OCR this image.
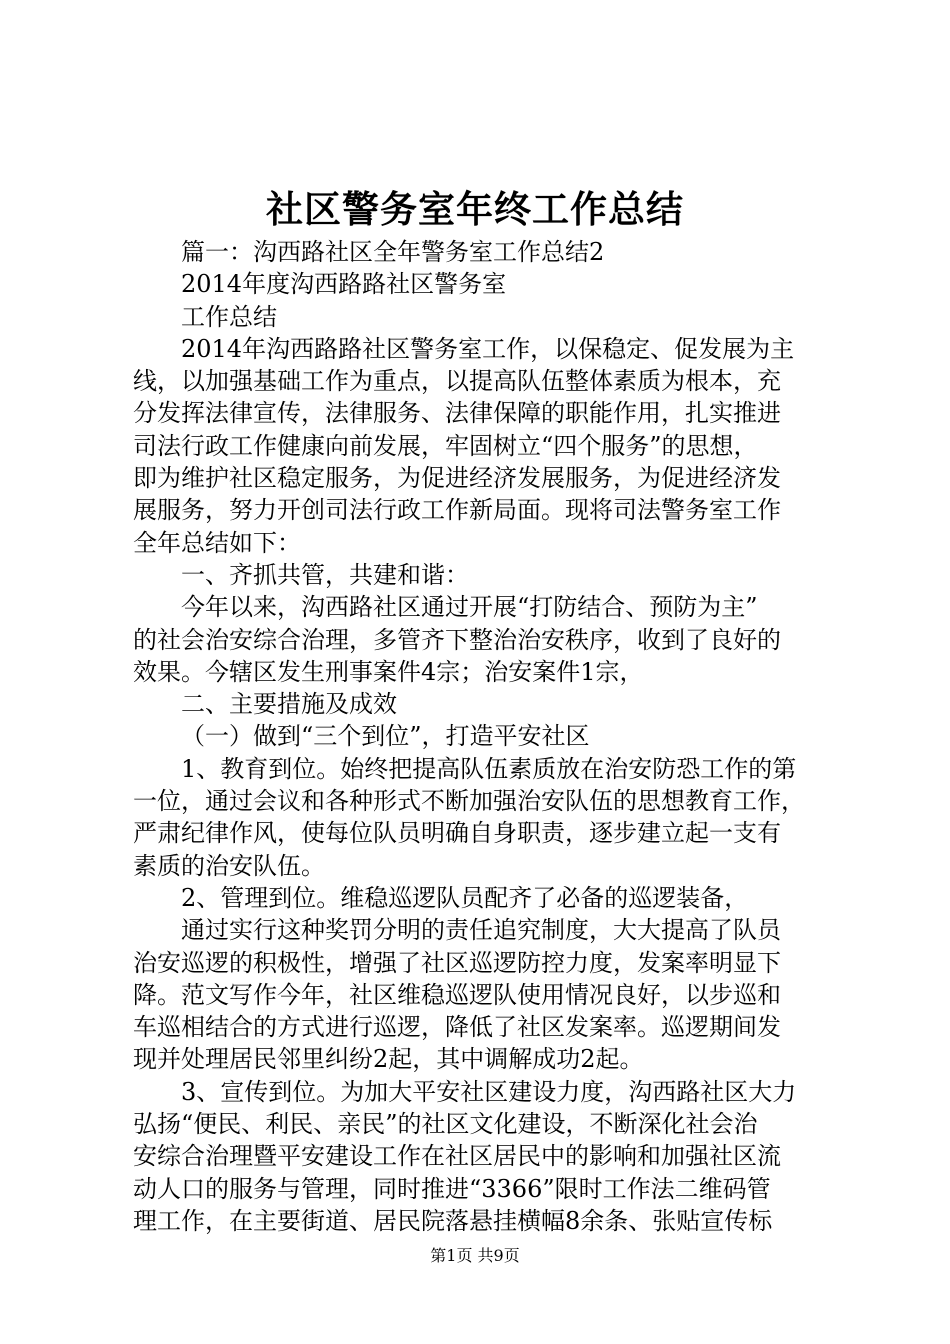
社区警务室年终工作总结

篇一：沟西路社区全年警务室工作总结2

2014年度沟西路路社区警务室

工作总结

2014年沟西路路社区警务室工作，以保稳定、促发展为主

线，以加强基础工作为重点，以提高队伍整体素质为根本，充

分发挥法律宣传，法律服务、法律保障的职能作用，扎实推进

司法行政工作健康向前发展，牢固树立“四个服务”的思想，

即为维护社区稳定服务，为促进经济发展服务，为促进经济发

展服务，努力开创司法行政工作新局面。现将司法警务室工作

全年总结如下：

一、齐抓共管，共建和谐：

今年以来，沟西路社区通过开展“打防结合、预防为主”

的社会治安综合治理，多管齐下整治治安秩序，收到了良好的

效果。今辖区发生刑事案件4宗；治安案件1宗，

二、主要措施及成效

（一）做到“三个到位”，打造平安社区

1、教育到位。始终把提高队伍素质放在治安防恐工作的第

一位，通过会议和各种形式不断加强治安队伍的思想教育工作，

严肃纪律作风，使每位队员明确自身职责，逐步建立起一支有

素质的治安队伍。

2、管理到位。维稳巡逻队员配齐了必备的巡逻装备，

通过实行这种奖罚分明的责任追究制度，大大提高了队员

治安巡逻的积极性，增强了社区巡逻防控力度，发案率明显下

降。范文写作今年，社区维稳巡逻队使用情况良好，以步巡和

车巡相结合的方式进行巡逻，降低了社区发案率。巡逻期间发

现并处理居民邻里纠纷2起，其中调解成功2起。

3、宣传到位。为加大平安社区建设力度，沟西路社区大力

弘扬“便民、利民、亲民”的社区文化建设，不断深化社会治

安综合治理暨平安建设工作在社区居民中的影响和加强社区流

动人口的服务与管理，同时推进“3366”限时工作法二维码管

理工作，在主要街道、居民院落悬挂横幅8余条、张贴宣传标

第1页 共9页
